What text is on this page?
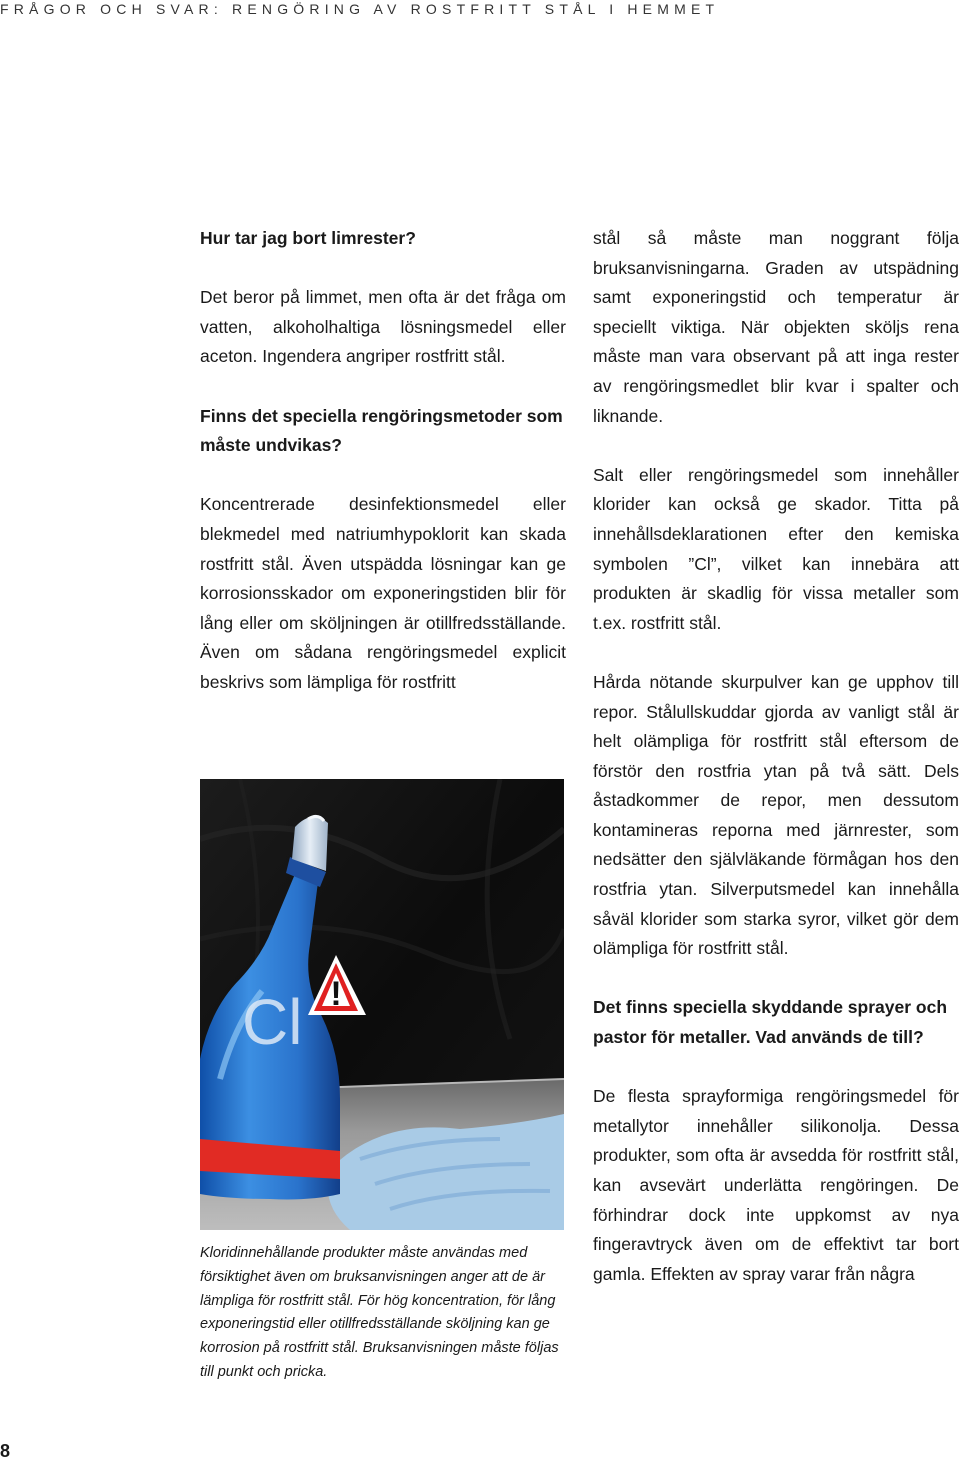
FRÅGOR OCH SVAR: RENGÖRING AV ROSTFRITT STÅL I HEMMET

Hur tar jag bort limrester?

Det beror på limmet, men ofta är det fråga om vatten, alkoholhaltiga lösningsmedel eller aceton. Ingendera angriper rostfritt stål.

Finns det speciella rengöringsmetoder som måste undvikas?

Koncentrerade desinfektionsmedel eller blekmedel med natriumhypoklorit kan skada rostfritt stål. Även utspädda lösningar kan ge korrosionsskador om exponeringstiden blir för lång eller om sköljningen är otillfredsställande. Även om sådana rengöringsmedel explicit beskrivs som lämpliga för rostfritt

Cl !
Kloridinnehållande produkter måste användas med försiktighet även om bruksanvisningen anger att de är lämpliga för rostfritt stål. För hög koncentration, för lång exponeringstid eller otillfredsställande sköljning kan ge korrosion på rostfritt stål. Bruksanvisningen måste följas till punkt och pricka.

stål så måste man noggrant följa bruksanvisningarna. Graden av utspädning samt exponeringstid och temperatur är speciellt viktiga. När objekten sköljs rena måste man vara observant på att inga rester av rengöringsmedlet blir kvar i spalter och liknande.

Salt eller rengöringsmedel som innehåller klorider kan också ge skador. Titta på innehållsdeklarationen efter den kemiska symbolen ”Cl”, vilket kan innebära att produkten är skadlig för vissa metaller som t.ex. rostfritt stål.

Hårda nötande skurpulver kan ge upphov till repor. Stålullskuddar gjorda av vanligt stål är helt olämpliga för rostfritt stål eftersom de förstör den rostfria ytan på två sätt. Dels åstadkommer de repor, men dessutom kontamineras reporna med järnrester, som nedsätter den självläkande förmågan hos den rostfria ytan. Silverputsmedel kan innehålla såväl klorider som starka syror, vilket gör dem olämpliga för rostfritt stål.

Det finns speciella skyddande sprayer och pastor för metaller. Vad används de till?

De flesta sprayformiga rengöringsmedel för metallytor innehåller silikonolja. Dessa produkter, som ofta är avsedda för rostfritt stål, kan avsevärt underlätta rengöringen. De förhindrar dock inte uppkomst av nya fingeravtryck även om de effektivt tar bort gamla. Effekten av spray varar från några

8
